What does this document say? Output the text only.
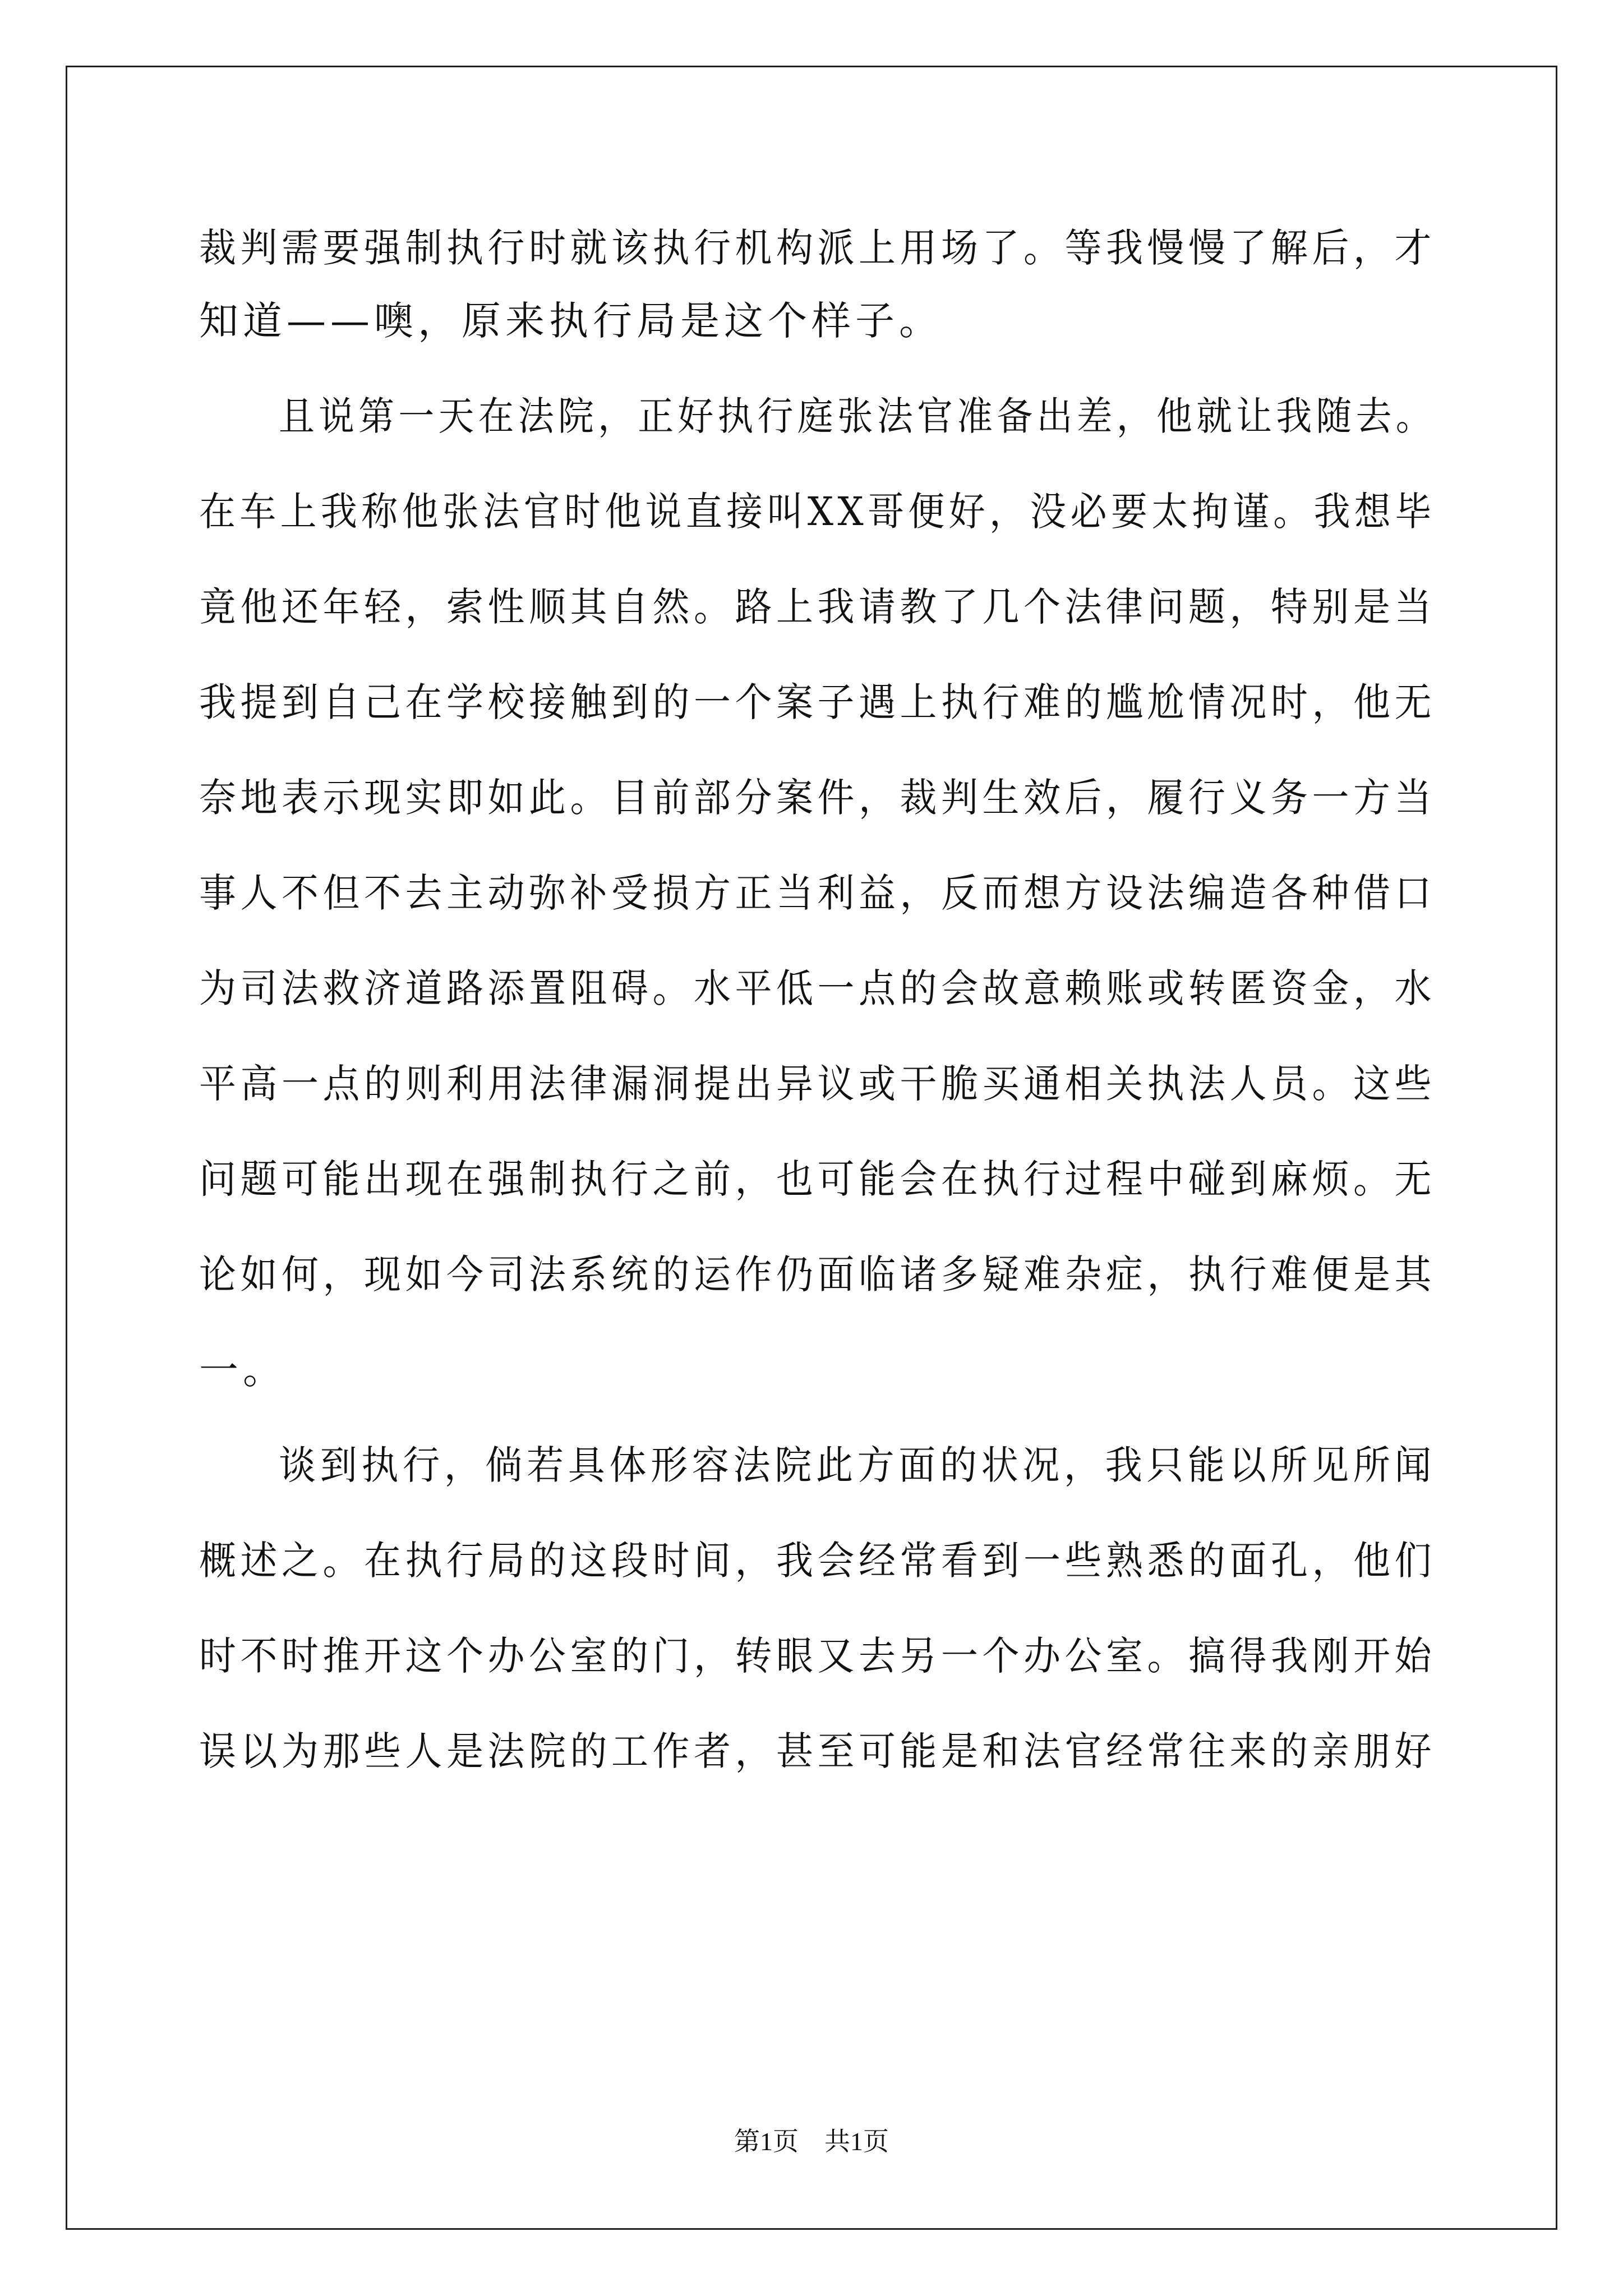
裁判需要强制执行时就该执行机构派上用场了。等我慢慢了解后，才

知道——噢，原来执行局是这个样子。

且说第一天在法院，正好执行庭张法官准备出差，他就让我随去。

在车上我称他张法官时他说直接叫XX哥便好，没必要太拘谨。我想毕

竟他还年轻，索性顺其自然。路上我请教了几个法律问题，特别是当

我提到自己在学校接触到的一个案子遇上执行难的尴尬情况时，他无

奈地表示现实即如此。目前部分案件，裁判生效后，履行义务一方当

事人不但不去主动弥补受损方正当利益，反而想方设法编造各种借口

为司法救济道路添置阻碍。水平低一点的会故意赖账或转匿资金，水

平高一点的则利用法律漏洞提出异议或干脆买通相关执法人员。这些

问题可能出现在强制执行之前，也可能会在执行过程中碰到麻烦。无

论如何，现如今司法系统的运作仍面临诸多疑难杂症，执行难便是其

一。

谈到执行，倘若具体形容法院此方面的状况，我只能以所见所闻

概述之。在执行局的这段时间，我会经常看到一些熟悉的面孔，他们

时不时推开这个办公室的门，转眼又去另一个办公室。搞得我刚开始

误以为那些人是法院的工作者，甚至可能是和法官经常往来的亲朋好

第1页 共1页
